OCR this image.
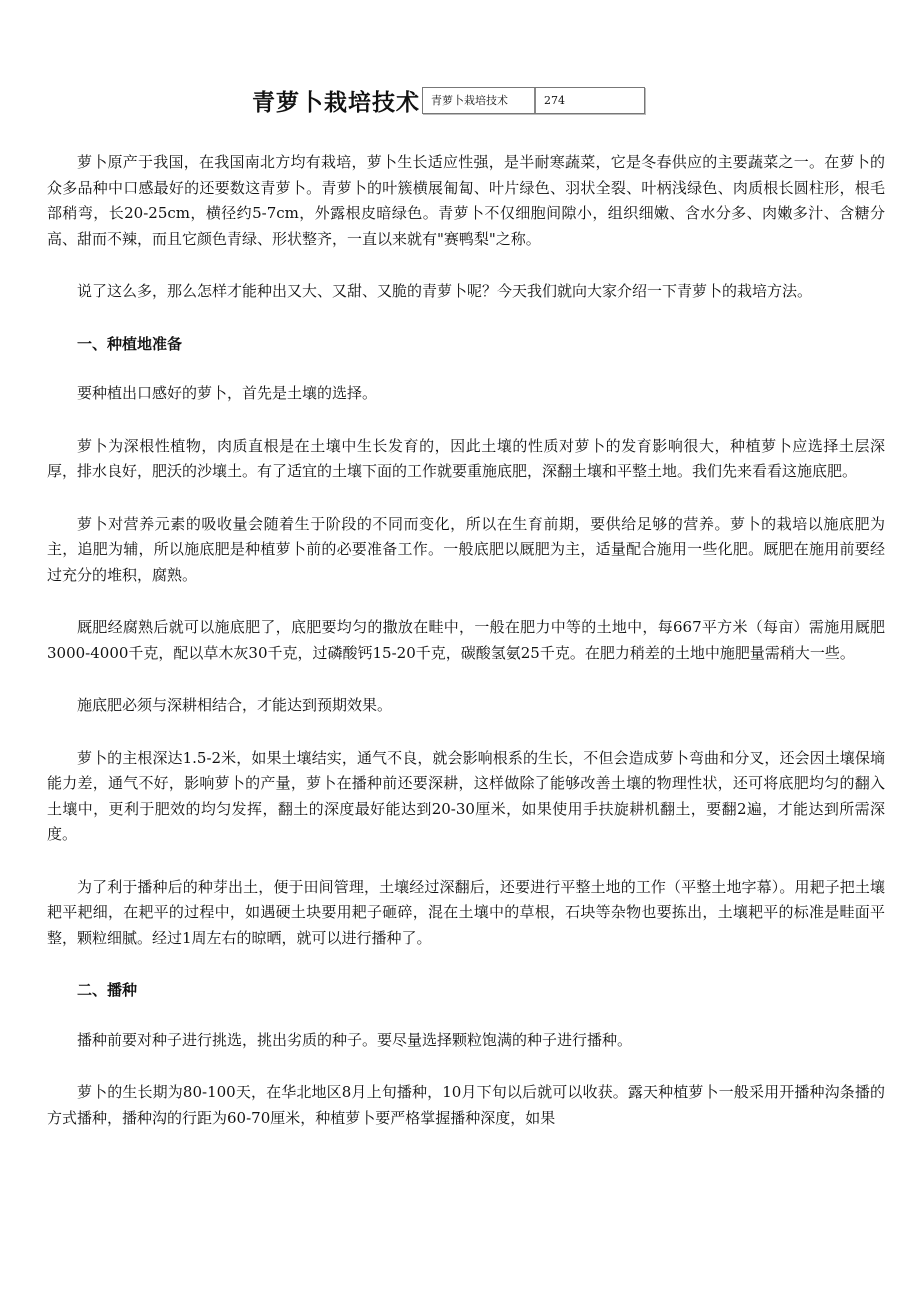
青萝卜栽培技术	青萝卜栽培技术	274

萝卜原产于我国，在我国南北方均有栽培，萝卜生长适应性强，是半耐寒蔬菜，它是冬春供应的主要蔬菜之一。在萝卜的众多品种中口感最好的还要数这青萝卜。青萝卜的叶簇横展匍匐、叶片绿色、羽状全裂、叶柄浅绿色、肉质根长圆柱形，根毛部稍弯，长20-25cm，横径约5-7cm，外露根皮暗绿色。青萝卜不仅细胞间隙小，组织细嫩、含水分多、肉嫩多汁、含糖分高、甜而不辣，而且它颜色青绿、形状整齐，一直以来就有"赛鸭梨"之称。

说了这么多，那么怎样才能种出又大、又甜、又脆的青萝卜呢？今天我们就向大家介绍一下青萝卜的栽培方法。

一、种植地准备

要种植出口感好的萝卜，首先是土壤的选择。

萝卜为深根性植物，肉质直根是在土壤中生长发育的，因此土壤的性质对萝卜的发育影响很大，种植萝卜应选择土层深厚，排水良好，肥沃的沙壤土。有了适宜的土壤下面的工作就要重施底肥，深翻土壤和平整土地。我们先来看看这施底肥。

萝卜对营养元素的吸收量会随着生于阶段的不同而变化，所以在生育前期，要供给足够的营养。萝卜的栽培以施底肥为主，追肥为辅，所以施底肥是种植萝卜前的必要准备工作。一般底肥以厩肥为主，适量配合施用一些化肥。厩肥在施用前要经过充分的堆积，腐熟。

厩肥经腐熟后就可以施底肥了，底肥要均匀的撒放在畦中，一般在肥力中等的土地中，每667平方米（每亩）需施用厩肥3000-4000千克，配以草木灰30千克，过磷酸钙15-20千克，碳酸氢氨25千克。在肥力稍差的土地中施肥量需稍大一些。

施底肥必须与深耕相结合，才能达到预期效果。

萝卜的主根深达1.5-2米，如果土壤结实，通气不良，就会影响根系的生长，不但会造成萝卜弯曲和分叉，还会因土壤保墒能力差，通气不好，影响萝卜的产量，萝卜在播种前还要深耕，这样做除了能够改善土壤的物理性状，还可将底肥均匀的翻入土壤中，更利于肥效的均匀发挥，翻土的深度最好能达到20-30厘米，如果使用手扶旋耕机翻土，要翻2遍，才能达到所需深度。

为了利于播种后的种芽出土，便于田间管理，土壤经过深翻后，还要进行平整土地的工作（平整土地字幕）。用耙子把土壤耙平耙细，在耙平的过程中，如遇硬土块要用耙子砸碎，混在土壤中的草根，石块等杂物也要拣出，土壤耙平的标准是畦面平整，颗粒细腻。经过1周左右的晾晒，就可以进行播种了。

二、播种

播种前要对种子进行挑选，挑出劣质的种子。要尽量选择颗粒饱满的种子进行播种。

萝卜的生长期为80-100天，在华北地区8月上旬播种，10月下旬以后就可以收获。露天种植萝卜一般采用开播种沟条播的方式播种，播种沟的行距为60-70厘米，种植萝卜要严格掌握播种深度，如果
